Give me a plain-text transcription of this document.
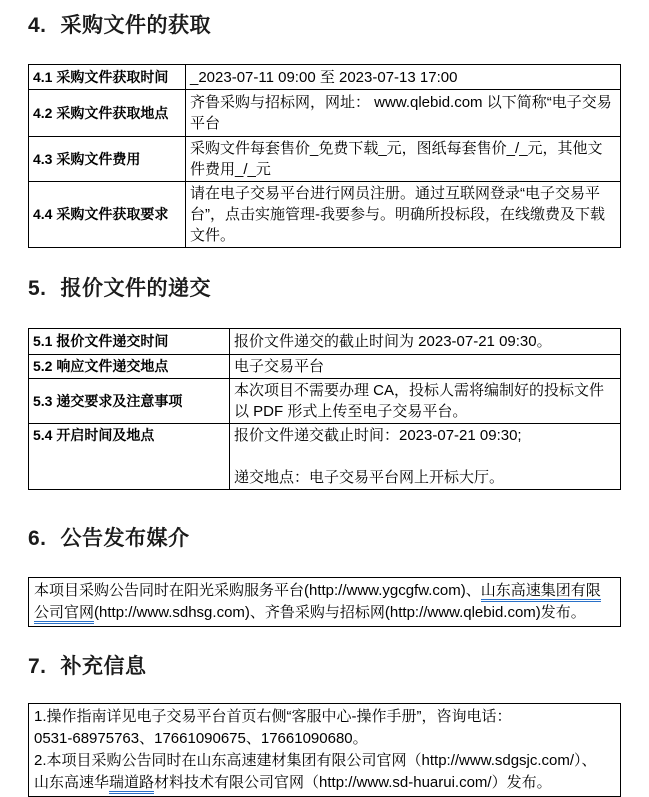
4. 采购文件的获取
4.1 采购文件获取时间	_2023-07-11 09:00 至 2023-07-13 17:00
4.2 采购文件获取地点	齐鲁采购与招标网，网址： www.qlebid.com 以下简称“电子交易平台
4.3 采购文件费用	采购文件每套售价_免费下载_元，图纸每套售价_/_元，其他文件费用_/_元
4.4 采购文件获取要求	请在电子交易平台进行网员注册。通过互联网登录“电子交易平台”，点击实施管理-我要参与。明确所投标段，在线缴费及下载文件。
5. 报价文件的递交
5.1 报价文件递交时间	报价文件递交的截止时间为 2023-07-21 09:30。
5.2 响应文件递交地点	电子交易平台
5.3 递交要求及注意事项	本次项目不需要办理 CA，投标人需将编制好的投标文件以 PDF 形式上传至电子交易平台。
5.4 开启时间及地点	报价文件递交截止时间：2023-07-21 09:30;
递交地点：电子交易平台网上开标大厅。
6. 公告发布媒介
本项目采购公告同时在阳光采购服务平台(http://www.ygcgfw.com)、山东高速集团有限公司官网(http://www.sdhsg.com)、齐鲁采购与招标网(http://www.qlebid.com)发布。
7. 补充信息
1.操作指南详见电子交易平台首页右侧“客服中心-操作手册”，咨询电话：
0531-68975763、17661090675、17661090680。
2.本项目采购公告同时在山东高速建材集团有限公司官网（http://www.sdgsjc.com/）、
山东高速华瑞道路材料技术有限公司官网（http://www.sd-huarui.com/）发布。
